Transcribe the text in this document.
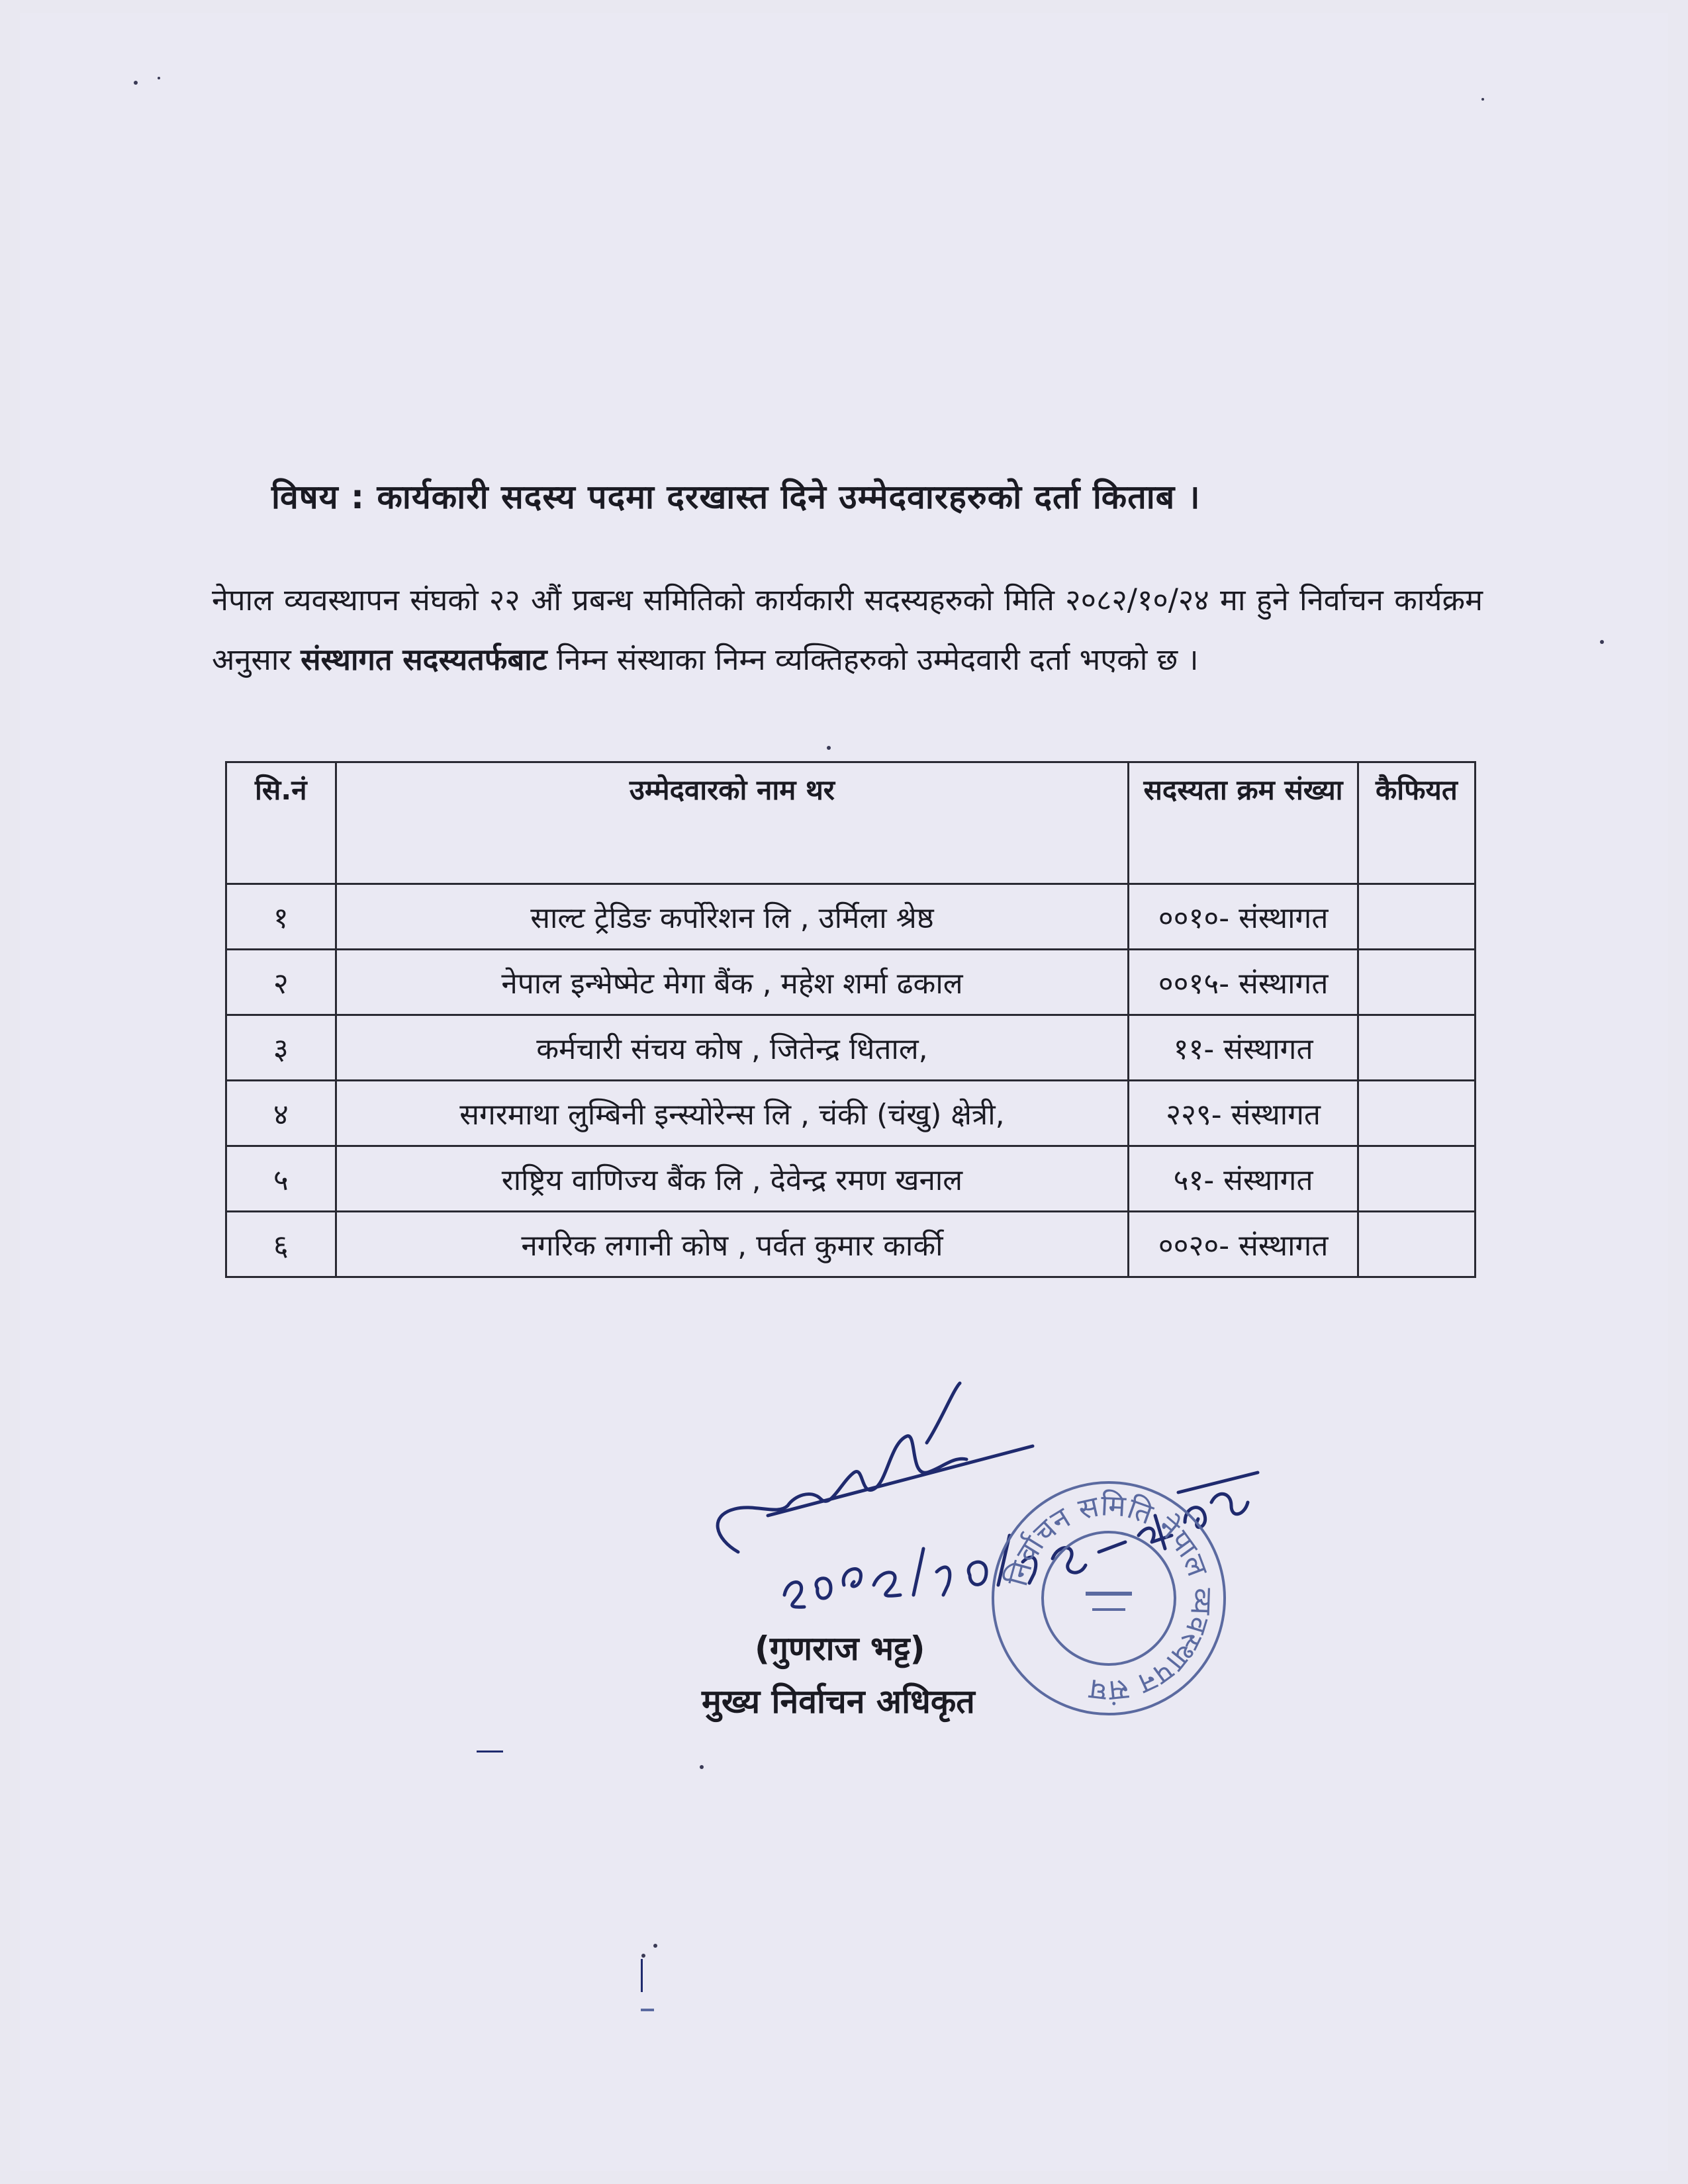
विषय : कार्यकारी सदस्य पदमा दरखास्त दिने उम्मेदवारहरुको दर्ता किताब ।
नेपाल व्यवस्थापन संघको २२ औं प्रबन्ध समितिको कार्यकारी सदस्यहरुको मिति २०८२/१०/२४ मा हुने निर्वाचन कार्यक्रम अनुसार संस्थागत सदस्यतर्फबाट निम्न संस्थाका निम्न व्यक्तिहरुको उम्मेदवारी दर्ता भएको छ ।
सि.नं	उम्मेदवारको नाम थर	सदस्यता क्रम संख्या	कैफियत
१	साल्ट ट्रेडिङ कर्पोरेशन लि , उर्मिला श्रेष्ठ	००१०- संस्थागत	
२	नेपाल इन्भेष्मेट मेगा बैंक , महेश शर्मा ढकाल	००१५- संस्थागत	
३	कर्मचारी संचय कोष , जितेन्द्र धिताल,	११- संस्थागत	
४	सगरमाथा लुम्बिनी इन्स्योरेन्स लि , चंकी (चंखु) क्षेत्री,	२२९- संस्थागत	
५	राष्ट्रिय वाणिज्य बैंक लि , देवेन्द्र रमण खनाल	५१- संस्थागत	
६	नगरिक लगानी कोष , पर्वत कुमार कार्की	००२०- संस्थागत	
निर्वाचन समिति नेपाल व्यवस्थापन संघ
(गुणराज भट्ट)
मुख्य निर्वाचन अधिकृत
